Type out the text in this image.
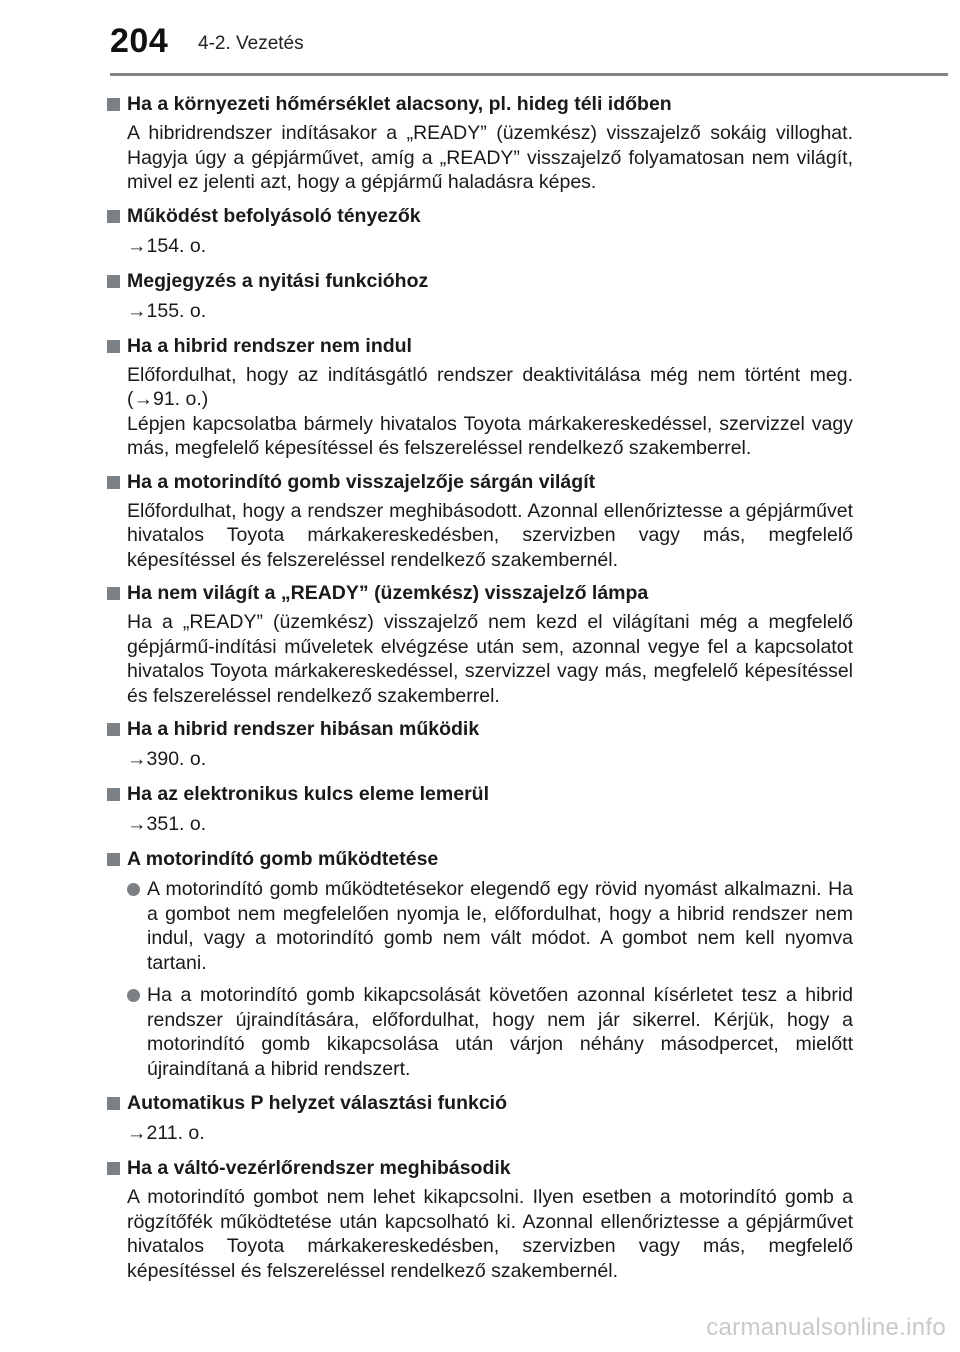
204 4-2. Vezetés
Ha a környezeti hőmérséklet alacsony, pl. hideg téli időben
A hibridrendszer indításakor a „READY” (üzemkész) visszajelző sokáig villoghat. Hagyja úgy a gépjárművet, amíg a „READY” visszajelző folyamatosan nem világít, mivel ez jelenti azt, hogy a gépjármű haladásra képes.
Működést befolyásoló tényezők
→154. o.
Megjegyzés a nyitási funkcióhoz
→155. o.
Ha a hibrid rendszer nem indul
Előfordulhat, hogy az indításgátló rendszer deaktivitálása még nem történt meg. (→91. o.)
Lépjen kapcsolatba bármely hivatalos Toyota márkakereskedéssel, szervizzel vagy más, megfelelő képesítéssel és felszereléssel rendelkező szakemberrel.
Ha a motorindító gomb visszajelzője sárgán világít
Előfordulhat, hogy a rendszer meghibásodott. Azonnal ellenőriztesse a gépjárművet hivatalos Toyota márkakereskedésben, szervizben vagy más, megfelelő képesítéssel és felszereléssel rendelkező szakembernél.
Ha nem világít a „READY” (üzemkész) visszajelző lámpa
Ha a „READY” (üzemkész) visszajelző nem kezd el világítani még a megfelelő gépjármű-indítási műveletek elvégzése után sem, azonnal vegye fel a kapcsolatot hivatalos Toyota márkakereskedéssel, szervizzel vagy más, megfelelő képesítéssel és felszereléssel rendelkező szakemberrel.
Ha a hibrid rendszer hibásan működik
→390. o.
Ha az elektronikus kulcs eleme lemerül
→351. o.
A motorindító gomb működtetése
A motorindító gomb működtetésekor elegendő egy rövid nyomást alkalmazni. Ha a gombot nem megfelelően nyomja le, előfordulhat, hogy a hibrid rendszer nem indul, vagy a motorindító gomb nem vált módot. A gombot nem kell nyomva tartani.
Ha a motorindító gomb kikapcsolását követően azonnal kísérletet tesz a hibrid rendszer újraindítására, előfordulhat, hogy nem jár sikerrel. Kérjük, hogy a motorindító gomb kikapcsolása után várjon néhány másodpercet, mielőtt újraindítaná a hibrid rendszert.
Automatikus P helyzet választási funkció
→211. o.
Ha a váltó-vezérlőrendszer meghibásodik
A motorindító gombot nem lehet kikapcsolni. Ilyen esetben a motorindító gomb a rögzítőfék működtetése után kapcsolható ki. Azonnal ellenőriztesse a gépjárművet hivatalos Toyota márkakereskedésben, szervizben vagy más, megfelelő képesítéssel és felszereléssel rendelkező szakembernél.
carmanualsonline.info
